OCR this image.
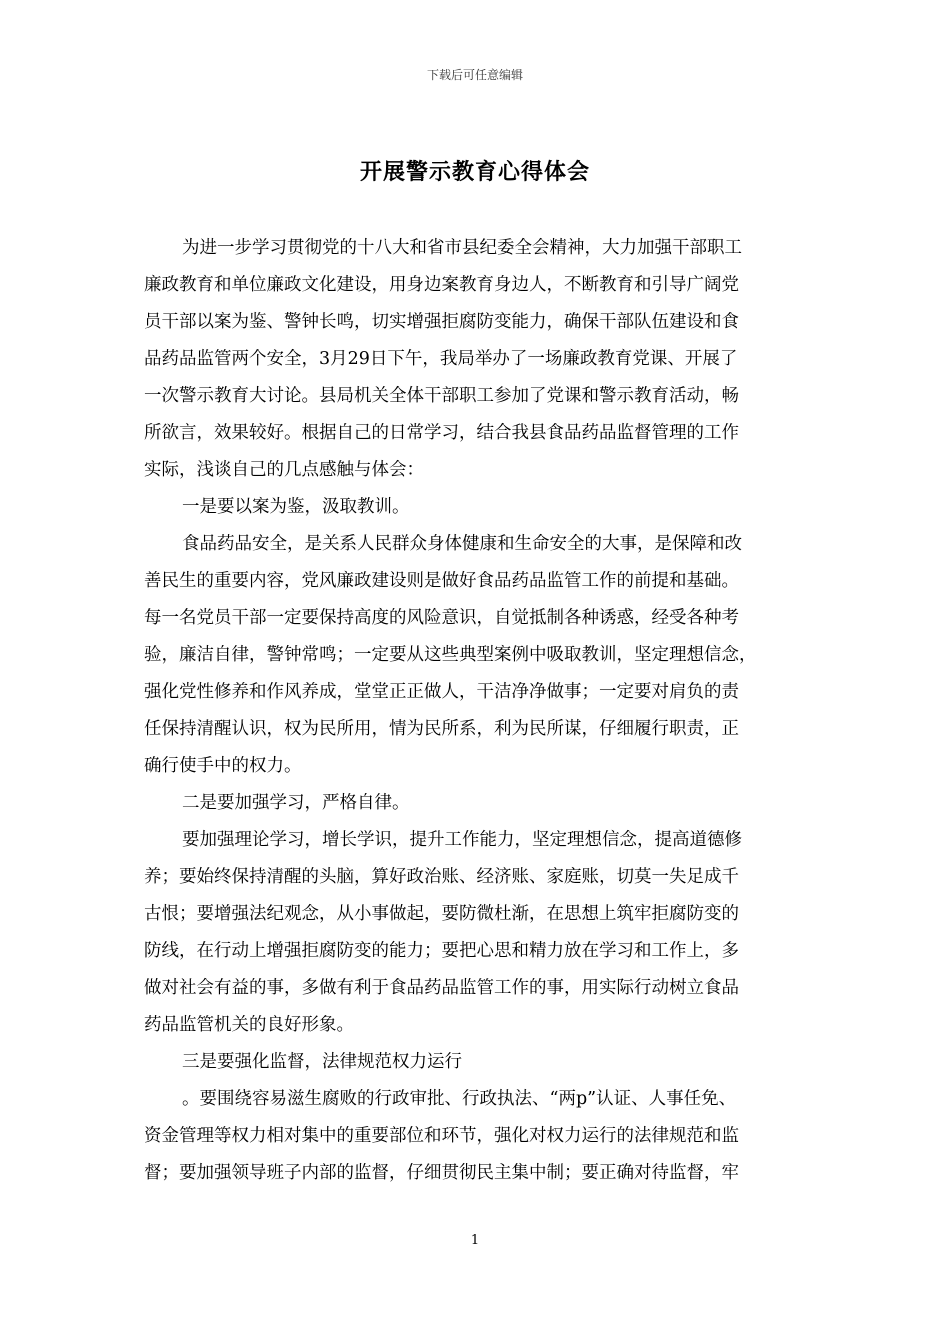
下载后可任意编辑
开展警示教育心得体会
为进一步学习贯彻党的十八大和省市县纪委全会精神，大力加强干部职工
廉政教育和单位廉政文化建设，用身边案教育身边人，不断教育和引导广阔党
员干部以案为鉴、警钟长鸣，切实增强拒腐防变能力，确保干部队伍建设和食
品药品监管两个安全，3月29日下午，我局举办了一场廉政教育党课、开展了
一次警示教育大讨论。县局机关全体干部职工参加了党课和警示教育活动，畅
所欲言，效果较好。根据自己的日常学习，结合我县食品药品监督管理的工作
实际，浅谈自己的几点感触与体会：
一是要以案为鉴，汲取教训。
食品药品安全，是关系人民群众身体健康和生命安全的大事，是保障和改
善民生的重要内容，党风廉政建设则是做好食品药品监管工作的前提和基础。
每一名党员干部一定要保持高度的风险意识，自觉抵制各种诱惑，经受各种考
验，廉洁自律，警钟常鸣；一定要从这些典型案例中吸取教训，坚定理想信念，
强化党性修养和作风养成，堂堂正正做人，干洁净净做事；一定要对肩负的责
任保持清醒认识，权为民所用，情为民所系，利为民所谋，仔细履行职责，正
确行使手中的权力。
二是要加强学习，严格自律。
要加强理论学习，增长学识，提升工作能力，坚定理想信念，提高道德修
养；要始终保持清醒的头脑，算好政治账、经济账、家庭账，切莫一失足成千
古恨；要增强法纪观念，从小事做起，要防微杜渐，在思想上筑牢拒腐防变的
防线，在行动上增强拒腐防变的能力；要把心思和精力放在学习和工作上，多
做对社会有益的事，多做有利于食品药品监管工作的事，用实际行动树立食品
药品监管机关的良好形象。
三是要强化监督，法律规范权力运行
。要围绕容易滋生腐败的行政审批、行政执法、“两p”认证、人事任免、
资金管理等权力相对集中的重要部位和环节，强化对权力运行的法律规范和监
督；要加强领导班子内部的监督，仔细贯彻民主集中制；要正确对待监督，牢
1
